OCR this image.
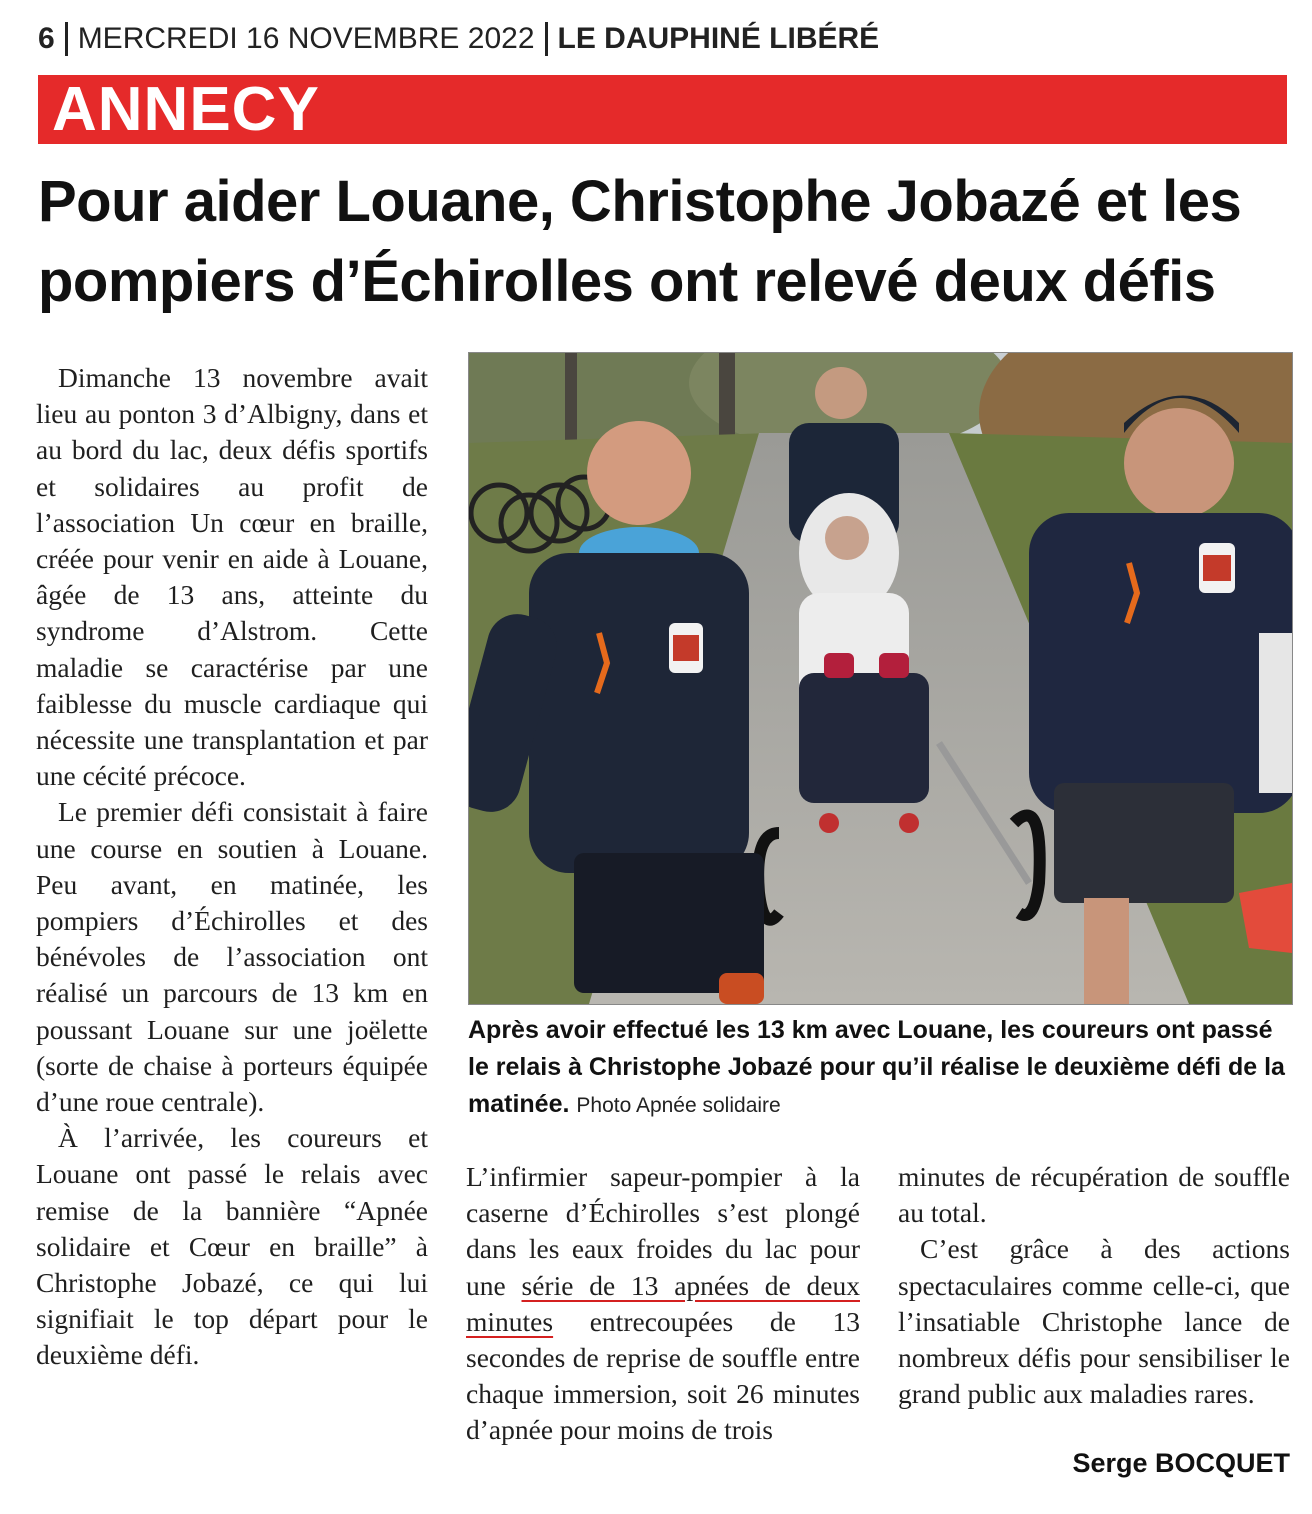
6 MERCREDI 16 NOVEMBRE 2022 LE DAUPHINÉ LIBÉRÉ
ANNECY
Pour aider Louane, Christophe Jobazé et les
pompiers d’Échirolles ont relevé deux défis

Dimanche 13 novembre avait lieu au ponton 3 d’Albigny, dans et au bord du lac, deux défis sportifs et solidaires au profit de l’association Un cœur en braille, créée pour venir en aide à Louane, âgée de 13 ans, atteinte du syndrome d’Alstrom. Cette maladie se caractérise par une faiblesse du muscle cardiaque qui nécessite une transplantation et par une cécité précoce.

Le premier défi consistait à faire une course en soutien à Louane. Peu avant, en matinée, les pompiers d’Échirolles et des bénévoles de l’association ont réalisé un parcours de 13 km en poussant Louane sur une joëlette (sorte de chaise à porteurs équipée d’une roue centrale).

À l’arrivée, les coureurs et Louane ont passé le relais avec remise de la bannière “Apnée solidaire et Cœur en braille” à Christophe Jobazé, ce qui lui signifiait le top départ pour le deuxième défi.

Après avoir effectué les 13 km avec Louane, les coureurs ont passé le relais à Christophe Jobazé pour qu’il réalise le deuxième défi de la matinée. Photo Apnée solidaire

L’infirmier sapeur-pompier à la caserne d’Échirolles s’est plongé dans les eaux froides du lac pour une série de 13 apnées de deux minutes entrecoupées de 13 secondes de reprise de souffle entre chaque immersion, soit 26 minutes d’apnée pour moins de trois

minutes de récupération de souffle au total.

C’est grâce à des actions spectaculaires comme celle-ci, que l’insatiable Christophe lance de nombreux défis pour sensibiliser le grand public aux maladies rares.

Serge BOCQUET
